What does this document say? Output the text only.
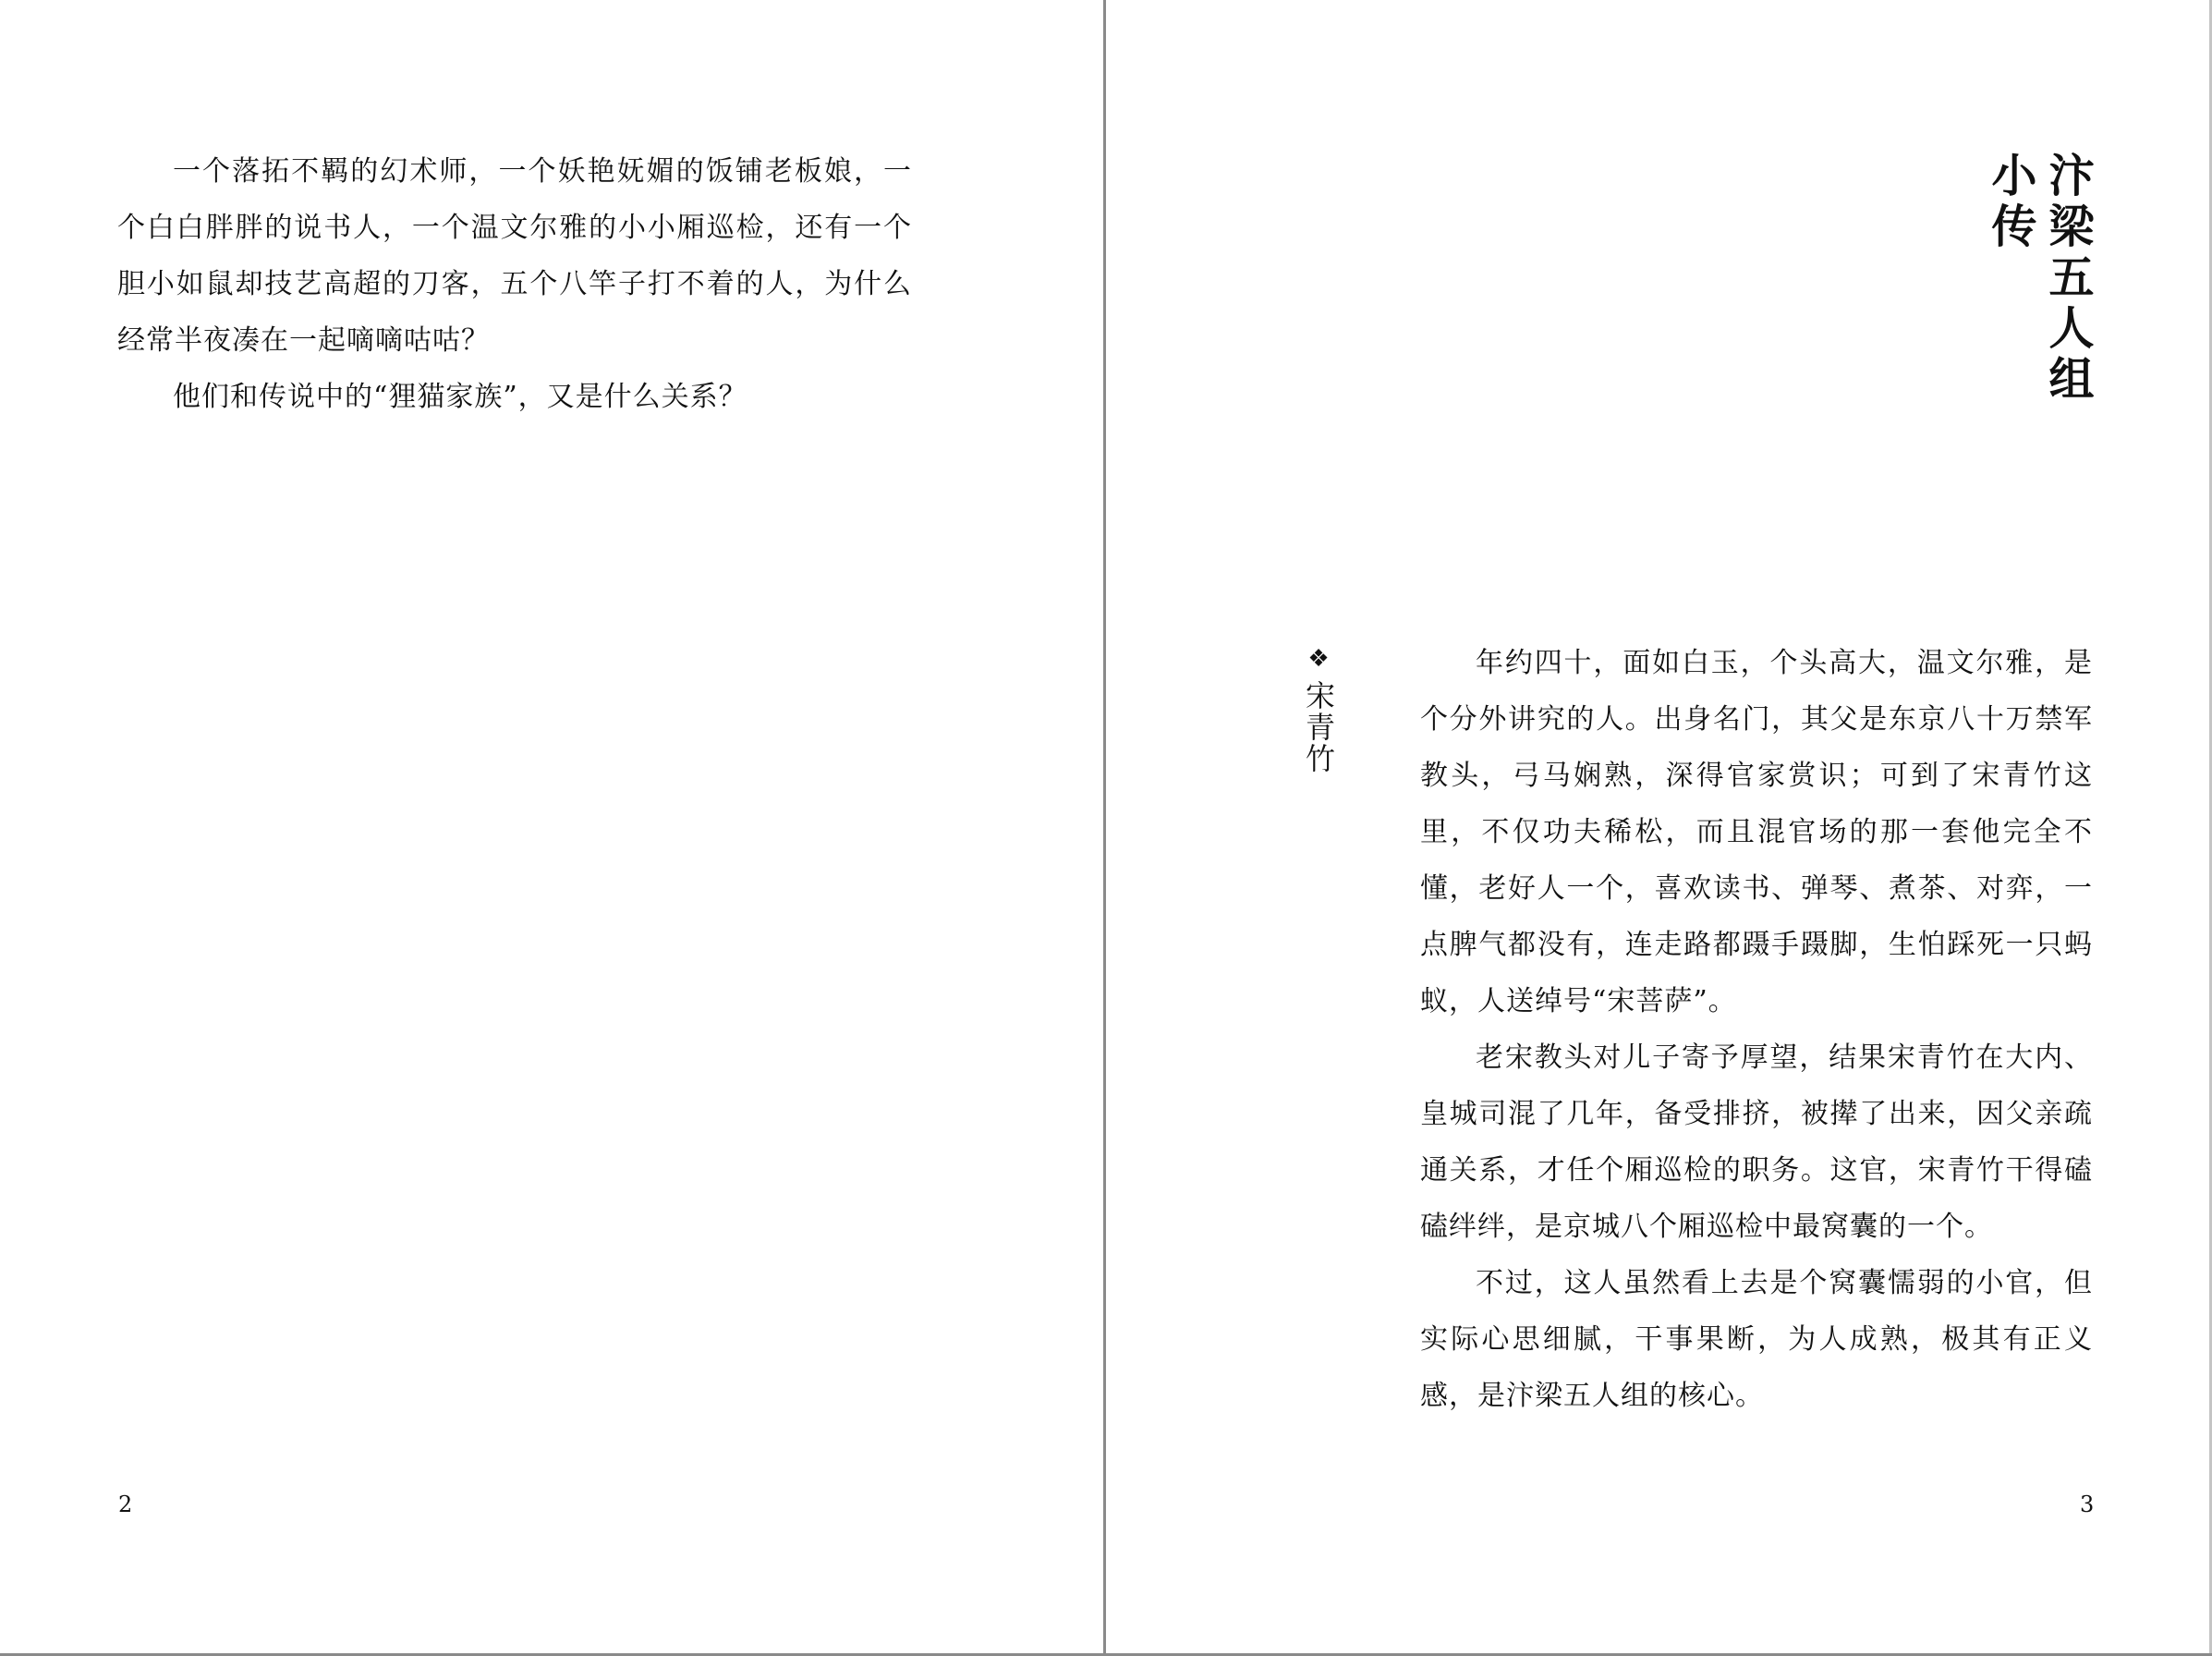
一个落拓不羁的幻术师，一个妖艳妩媚的饭铺老板娘，一个白白胖胖的说书人，一个温文尔雅的小小厢巡检，还有一个胆小如鼠却技艺高超的刀客，五个八竿子打不着的人，为什么经常半夜凑在一起嘀嘀咕咕？

他们和传说中的“狸猫家族”，又是什么关系？

2	3
汴梁五人组
小传
❖
宋青竹

年约四十，面如白玉，个头高大，温文尔雅，是个分外讲究的人。出身名门，其父是东京八十万禁军教头，弓马娴熟，深得官家赏识；可到了宋青竹这里，不仅功夫稀松，而且混官场的那一套他完全不懂，老好人一个，喜欢读书、弹琴、煮茶、对弈，一点脾气都没有，连走路都蹑手蹑脚，生怕踩死一只蚂蚁，人送绰号“宋菩萨”。

老宋教头对儿子寄予厚望，结果宋青竹在大内、皇城司混了几年，备受排挤，被撵了出来，因父亲疏通关系，才任个厢巡检的职务。这官，宋青竹干得磕磕绊绊，是京城八个厢巡检中最窝囊的一个。

不过，这人虽然看上去是个窝囊懦弱的小官，但实际心思细腻，干事果断，为人成熟，极其有正义感，是汴梁五人组的核心。
